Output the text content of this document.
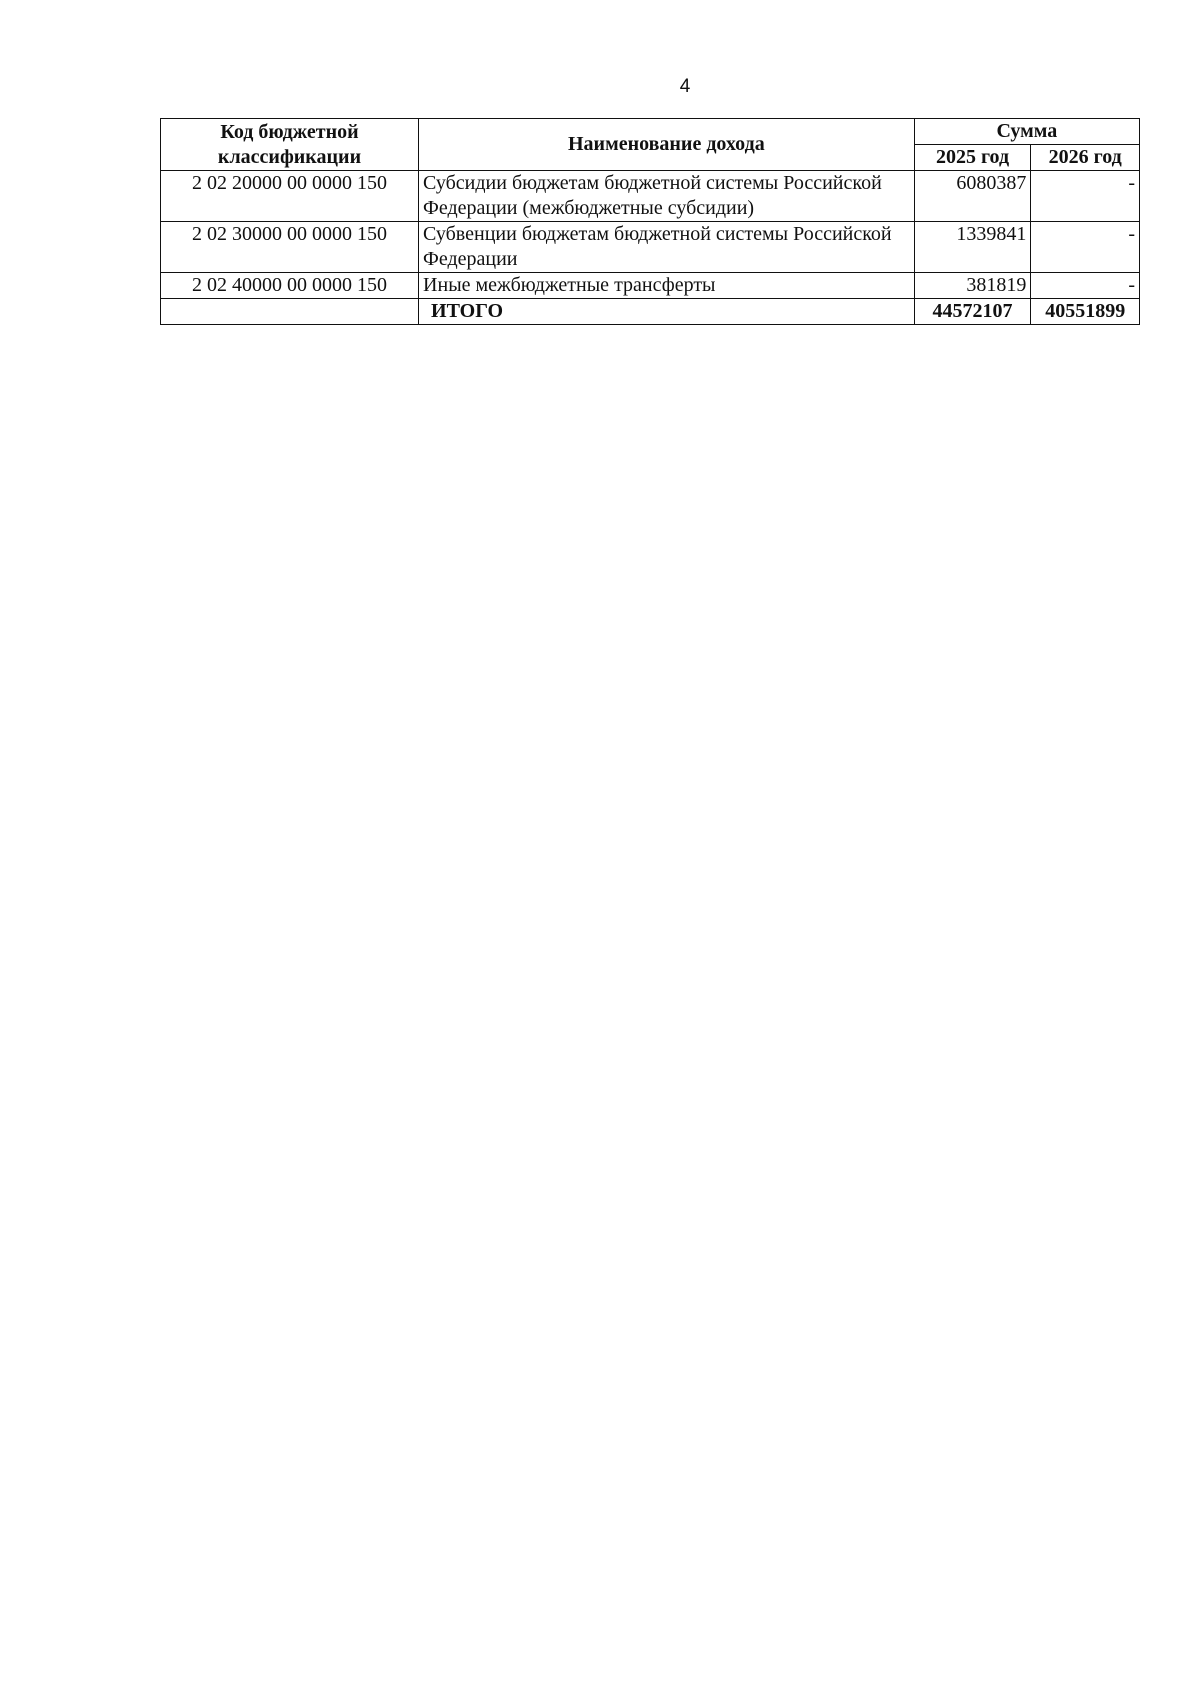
4
Код бюджетной классификации	Наименование дохода	Сумма	
		2025 год	2026 год
2 02 20000 00 0000 150	Субсидии бюджетам бюджетной системы Российской Федерации (межбюджетные субсидии)	6080387	-
2 02 30000 00 0000 150	Субвенции бюджетам бюджетной системы Российской Федерации	1339841	-
2 02 40000 00 0000 150	Иные межбюджетные трансферты	381819	-
	ИТОГО	44572107	40551899
